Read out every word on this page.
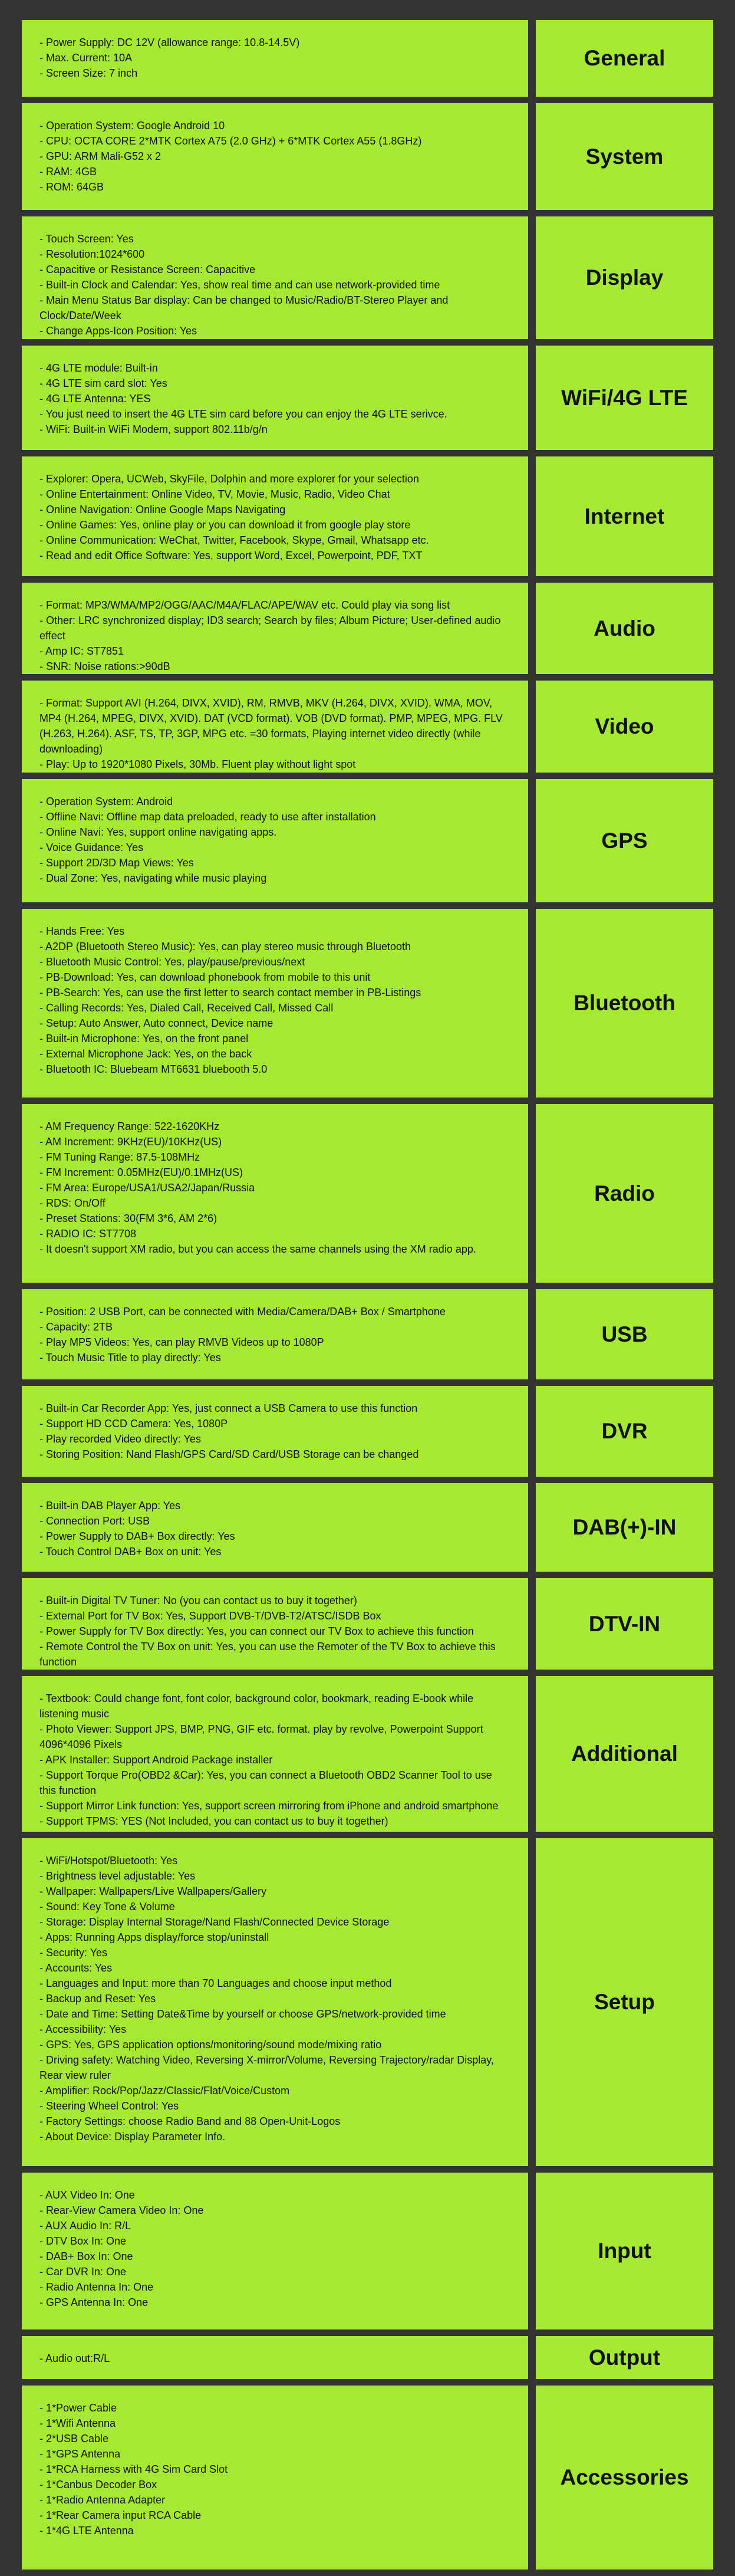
- Power Supply: DC 12V (allowance range: 10.8-14.5V)

- Max. Current: 10A

- Screen Size: 7 inch

General

- Operation System: Google Android 10

- CPU: OCTA CORE 2*MTK Cortex A75 (2.0 GHz) + 6*MTK Cortex A55 (1.8GHz)

- GPU: ARM Mali-G52 x 2

- RAM: 4GB

- ROM: 64GB

System

- Touch Screen: Yes

- Resolution:1024*600

- Capacitive or Resistance Screen: Capacitive

- Built-in Clock and Calendar: Yes, show real time and can use network-provided time

- Main Menu Status Bar display: Can be changed to Music/Radio/BT-Stereo Player and Clock/Date/Week

- Change Apps-Icon Position: Yes

Display

- 4G LTE module: Built-in

- 4G LTE sim card slot: Yes

- 4G LTE Antenna: YES

- You just need to insert the 4G LTE sim card before you can enjoy the 4G LTE serivce.

- WiFi: Built-in WiFi Modem, support 802.11b/g/n

WiFi/4G LTE

- Explorer: Opera, UCWeb, SkyFile, Dolphin and more explorer for your selection

- Online Entertainment: Online Video, TV, Movie, Music, Radio, Video Chat

- Online Navigation: Online Google Maps Navigating

- Online Games: Yes, online play or you can download it from google play store

- Online Communication: WeChat, Twitter, Facebook, Skype, Gmail, Whatsapp etc.

- Read and edit Office Software: Yes, support Word, Excel, Powerpoint, PDF, TXT

Internet

- Format: MP3/WMA/MP2/OGG/AAC/M4A/FLAC/APE/WAV etc. Could play via song list

- Other: LRC synchronized display; ID3 search; Search by files; Album Picture; User-defined audio effect

- Amp IC: ST7851

- SNR: Noise rations:>90dB

Audio

- Format: Support AVI (H.264, DIVX, XVID), RM, RMVB, MKV (H.264, DIVX, XVID). WMA, MOV, MP4 (H.264, MPEG, DIVX, XVID). DAT (VCD format). VOB (DVD format). PMP, MPEG, MPG. FLV (H.263, H.264). ASF, TS, TP, 3GP, MPG etc. =30 formats, Playing internet video directly (while downloading)

- Play: Up to 1920*1080 Pixels, 30Mb. Fluent play without light spot

Video

- Operation System: Android

- Offline Navi: Offline map data preloaded, ready to use after installation

- Online Navi: Yes, support online navigating apps.

- Voice Guidance: Yes

- Support 2D/3D Map Views: Yes

- Dual Zone: Yes, navigating while music playing

GPS

- Hands Free: Yes

- A2DP (Bluetooth Stereo Music): Yes, can play stereo music through Bluetooth

- Bluetooth Music Control: Yes, play/pause/previous/next

- PB-Download: Yes, can download phonebook from mobile to this unit

- PB-Search: Yes, can use the first letter to search contact member in PB-Listings

- Calling Records: Yes, Dialed Call, Received Call, Missed Call

- Setup: Auto Answer, Auto connect, Device name

- Built-in Microphone: Yes, on the front panel

- External Microphone Jack: Yes, on the back

- Bluetooth IC: Bluebeam MT6631 bluebooth 5.0

Bluetooth

- AM Frequency Range: 522-1620KHz

- AM Increment: 9KHz(EU)/10KHz(US)

- FM Tuning Range: 87.5-108MHz

- FM Increment: 0.05MHz(EU)/0.1MHz(US)

- FM Area: Europe/USA1/USA2/Japan/Russia

- RDS: On/Off

- Preset Stations: 30(FM 3*6, AM 2*6)

- RADIO IC: ST7708

- It doesn't support XM radio, but you can access the same channels using the XM radio app.

Radio

- Position: 2 USB Port, can be connected with Media/Camera/DAB+ Box / Smartphone

- Capacity: 2TB

- Play MP5 Videos: Yes, can play RMVB Videos up to 1080P

- Touch Music Title to play directly: Yes

USB

- Built-in Car Recorder App: Yes, just connect a USB Camera to use this function

- Support HD CCD Camera: Yes, 1080P

- Play recorded Video directly: Yes

- Storing Position: Nand Flash/GPS Card/SD Card/USB Storage can be changed

DVR

- Built-in DAB Player App: Yes

- Connection Port: USB

- Power Supply to DAB+ Box directly: Yes

- Touch Control DAB+ Box on unit: Yes

DAB(+)-IN

- Built-in Digital TV Tuner: No (you can contact us to buy it together)

- External Port for TV Box: Yes, Support DVB-T/DVB-T2/ATSC/ISDB Box

- Power Supply for TV Box directly: Yes, you can connect our TV Box to achieve this function

- Remote Control the TV Box on unit: Yes, you can use the Remoter of the TV Box to achieve this function

DTV-IN

- Textbook: Could change font, font color, background color, bookmark, reading E-book while listening music

- Photo Viewer: Support JPS, BMP, PNG, GIF etc. format. play by revolve, Powerpoint Support 4096*4096 Pixels

- APK Installer: Support Android Package installer

- Support Torque Pro(OBD2 &Car): Yes, you can connect a Bluetooth OBD2 Scanner Tool to use this function

- Support Mirror Link function: Yes, support screen mirroring from iPhone and android smartphone

- Support TPMS: YES (Not Included, you can contact us to buy it together)

Additional

- WiFi/Hotspot/Bluetooth: Yes

- Brightness level adjustable: Yes

- Wallpaper: Wallpapers/Live Wallpapers/Gallery

- Sound: Key Tone & Volume

- Storage: Display Internal Storage/Nand Flash/Connected Device Storage

- Apps: Running Apps display/force stop/uninstall

- Security: Yes

- Accounts: Yes

- Languages and Input: more than 70 Languages and choose input method

- Backup and Reset: Yes

- Date and Time: Setting Date&Time by yourself or choose GPS/network-provided time

- Accessibility: Yes

- GPS: Yes, GPS application options/monitoring/sound mode/mixing ratio

- Driving safety: Watching Video, Reversing X-mirror/Volume, Reversing Trajectory/radar Display, Rear view ruler

- Amplifier: Rock/Pop/Jazz/Classic/Flat/Voice/Custom

- Steering Wheel Control: Yes

- Factory Settings: choose Radio Band and 88 Open-Unit-Logos

- About Device: Display Parameter Info.

Setup

- AUX Video In: One

- Rear-View Camera Video In: One

- AUX Audio In: R/L

- DTV Box In: One

- DAB+ Box In: One

- Car DVR In: One

- Radio Antenna In: One

- GPS Antenna In: One

Input

- Audio out:R/L	Output

- 1*Power Cable

- 1*Wifi Antenna

- 2*USB Cable

- 1*GPS Antenna

- 1*RCA Harness with 4G Sim Card Slot

- 1*Canbus Decoder Box

- 1*Radio Antenna Adapter

- 1*Rear Camera input RCA Cable

- 1*4G LTE Antenna

Accessories
